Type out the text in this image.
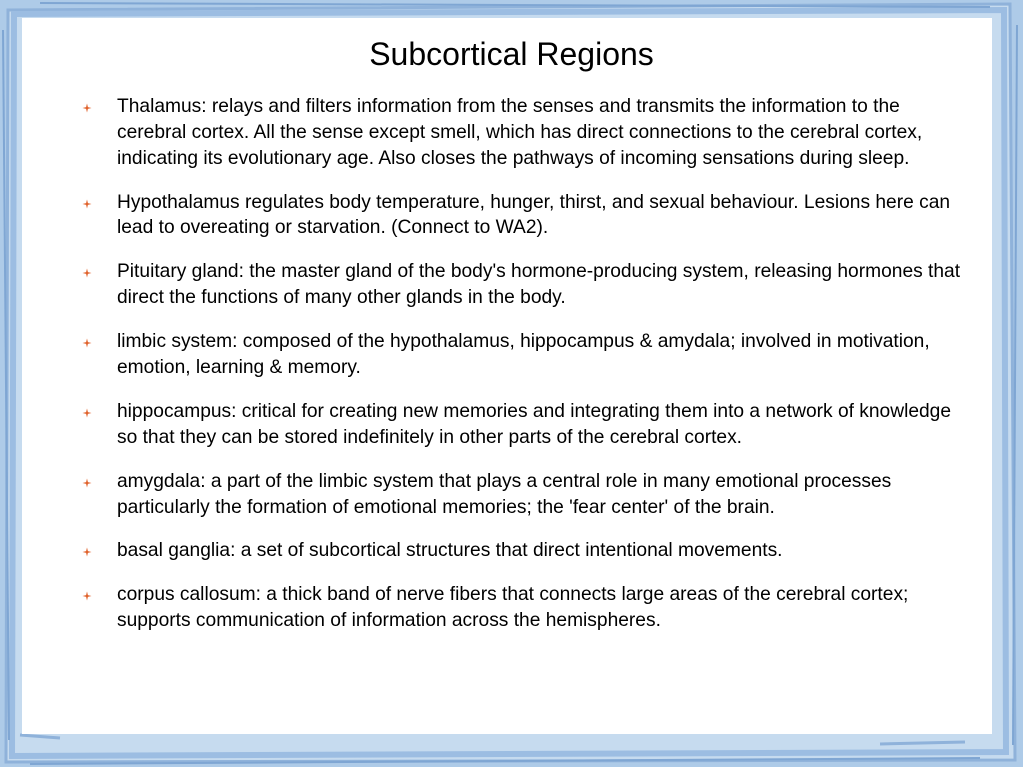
Subcortical Regions
Thalamus: relays and filters information from the senses and transmits the information to the cerebral cortex. All the sense except smell, which has direct connections to the cerebral cortex, indicating its evolutionary age. Also closes the pathways of incoming sensations during sleep.
Hypothalamus regulates body temperature, hunger, thirst, and sexual behaviour. Lesions here can lead to overeating or starvation. (Connect to WA2).
Pituitary gland: the master gland of the body's hormone-producing system, releasing hormones that direct the functions of many other glands in the body.
limbic system: composed of the hypothalamus, hippocampus & amydala; involved in motivation, emotion, learning & memory.
hippocampus: critical for creating new memories and integrating them into a network of knowledge so that they can be stored indefinitely in other parts of the cerebral cortex.
amygdala: a part of the limbic system that plays a central role in many emotional processes particularly the formation of emotional memories; the 'fear center' of the brain.
basal ganglia: a set of subcortical structures that direct intentional movements.
corpus callosum: a thick band of nerve fibers that connects large areas of the cerebral cortex; supports communication of information across the hemispheres.
